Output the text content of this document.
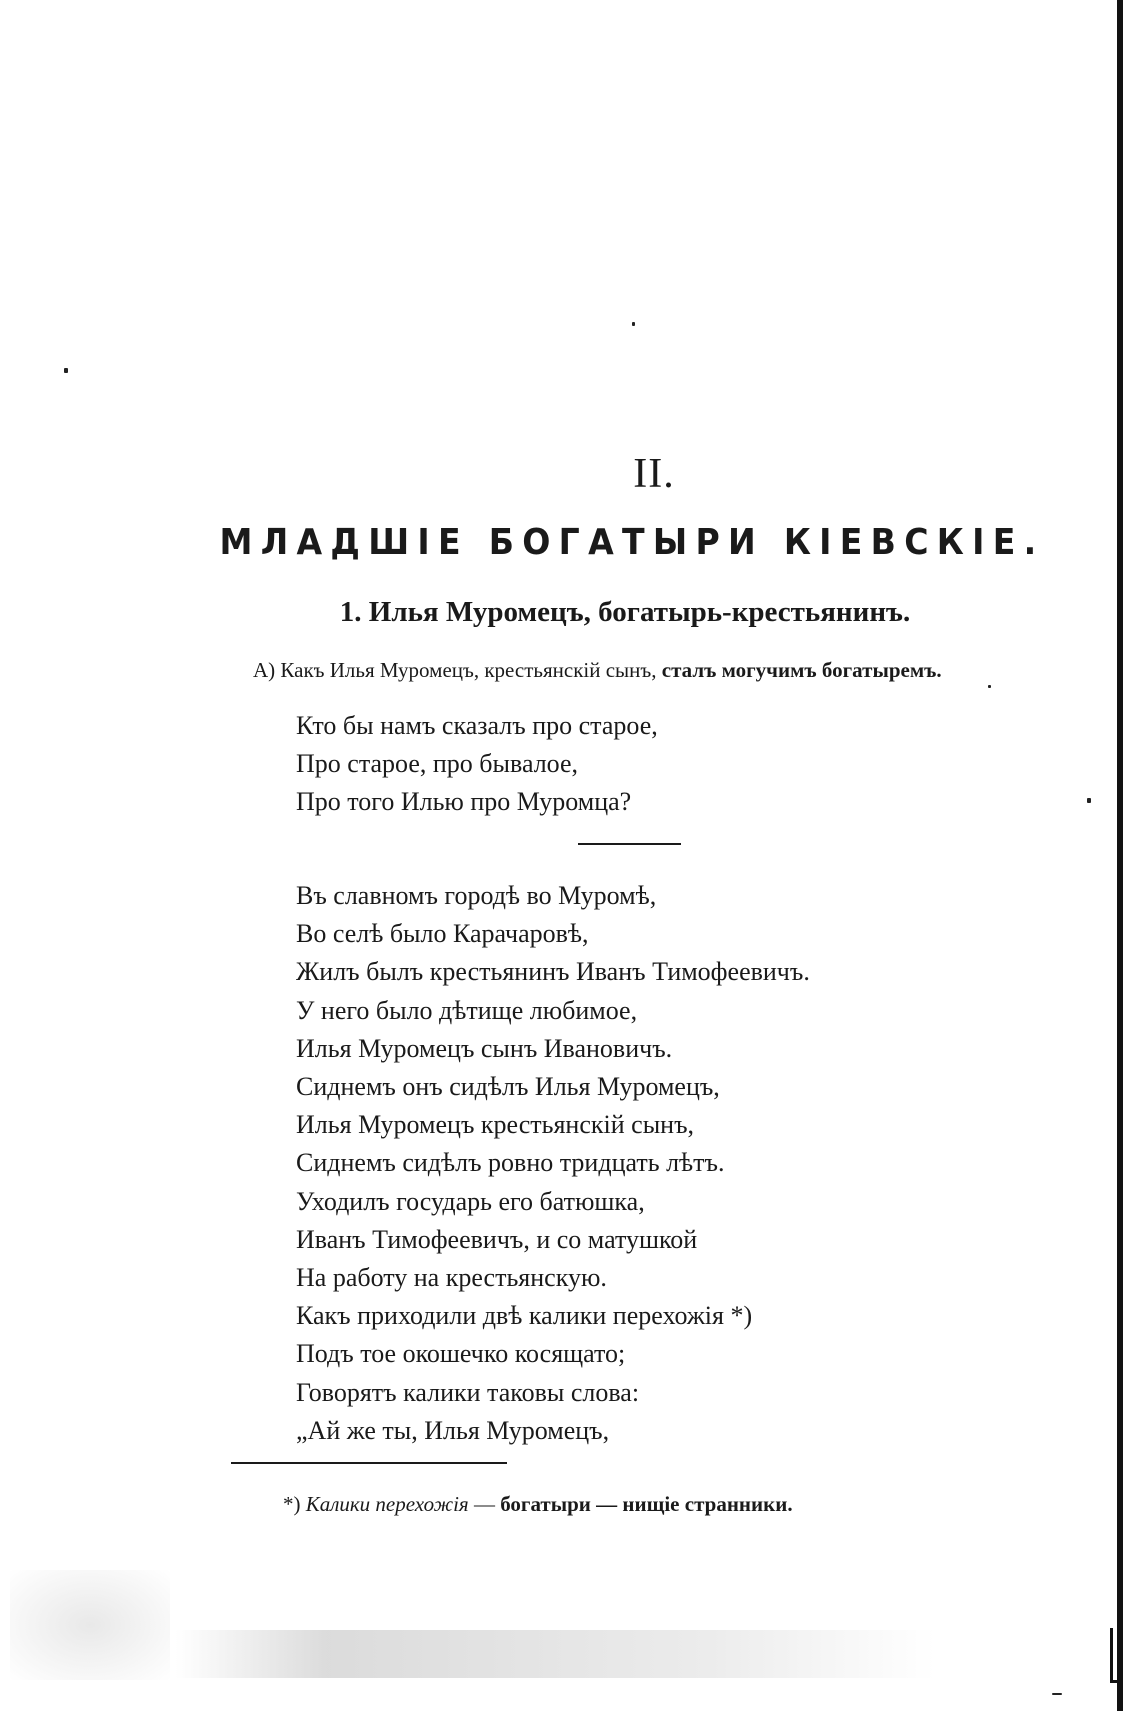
II.
МЛАДШІЕ БОГАТЫРИ КІЕВСКІЕ.
1. Илья Муромецъ, богатырь-крестьянинъ.
А) Какъ Илья Муромецъ, крестьянскій сынъ, сталъ могучимъ богатыремъ.
Кто бы намъ сказалъ про старое,
Про старое, про бывалое,
Про того Илью про Муромца?
Въ славномъ городѣ во Муромѣ,
Во селѣ было Карачаровѣ,
Жилъ былъ крестьянинъ Иванъ Тимофеевичъ.
У него было дѣтище любимое,
Илья Муромецъ сынъ Ивановичъ.
Сиднемъ онъ сидѣлъ Илья Муромецъ,
Илья Муромецъ крестьянскій сынъ,
Сиднемъ сидѣлъ ровно тридцать лѣтъ.
Уходилъ государь его батюшка,
Иванъ Тимофеевичъ, и со матушкой
На работу на крестьянскую.
Какъ приходили двѣ калики перехожія *)
Подъ тое окошечко косящато;
Говорятъ калики таковы слова:
„Ай же ты, Илья Муромецъ,
*) Калики перехожія — богатыри — нищіе странники.
